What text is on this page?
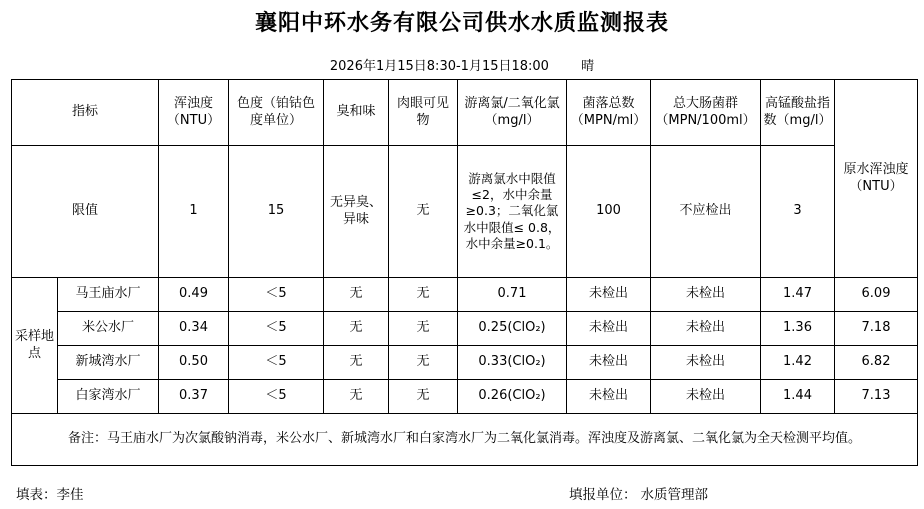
襄阳中环水务有限公司供水水质监测报表
2026年1月15日8:30-1月15日18:00 晴
指标		浑浊度（NTU）	色度（铂钴色度单位）	臭和味	肉眼可见物	游离氯/二氧化氯（mg/l）	菌落总数（MPN/ml）	总大肠菌群（MPN/100ml）	高锰酸盐指数（mg/l）	原水浑浊度（NTU）
限值		1	15	无异臭、异味	无	游离氯水中限值 ≤2，水中余量≥0.3；二氧化氯水中限值≤ 0.8，水中余量≥0.1。	100	不应检出	3	
采样地点	马王庙水厂	0.49	＜5	无	无	0.71	未检出	未检出	1.47	6.09
	米公水厂	0.34	＜5	无	无	0.25(ClO₂)	未检出	未检出	1.36	7.18
	新城湾水厂	0.50	＜5	无	无	0.33(ClO₂)	未检出	未检出	1.42	6.82
	白家湾水厂	0.37	＜5	无	无	0.26(ClO₂)	未检出	未检出	1.44	7.13
备注：马王庙水厂为次氯酸钠消毒，米公水厂、新城湾水厂和白家湾水厂为二氧化氯消毒。浑浊度及游离氯、二氧化氯为全天检测平均值。										
填表：李佳	填报单位： 水质管理部
